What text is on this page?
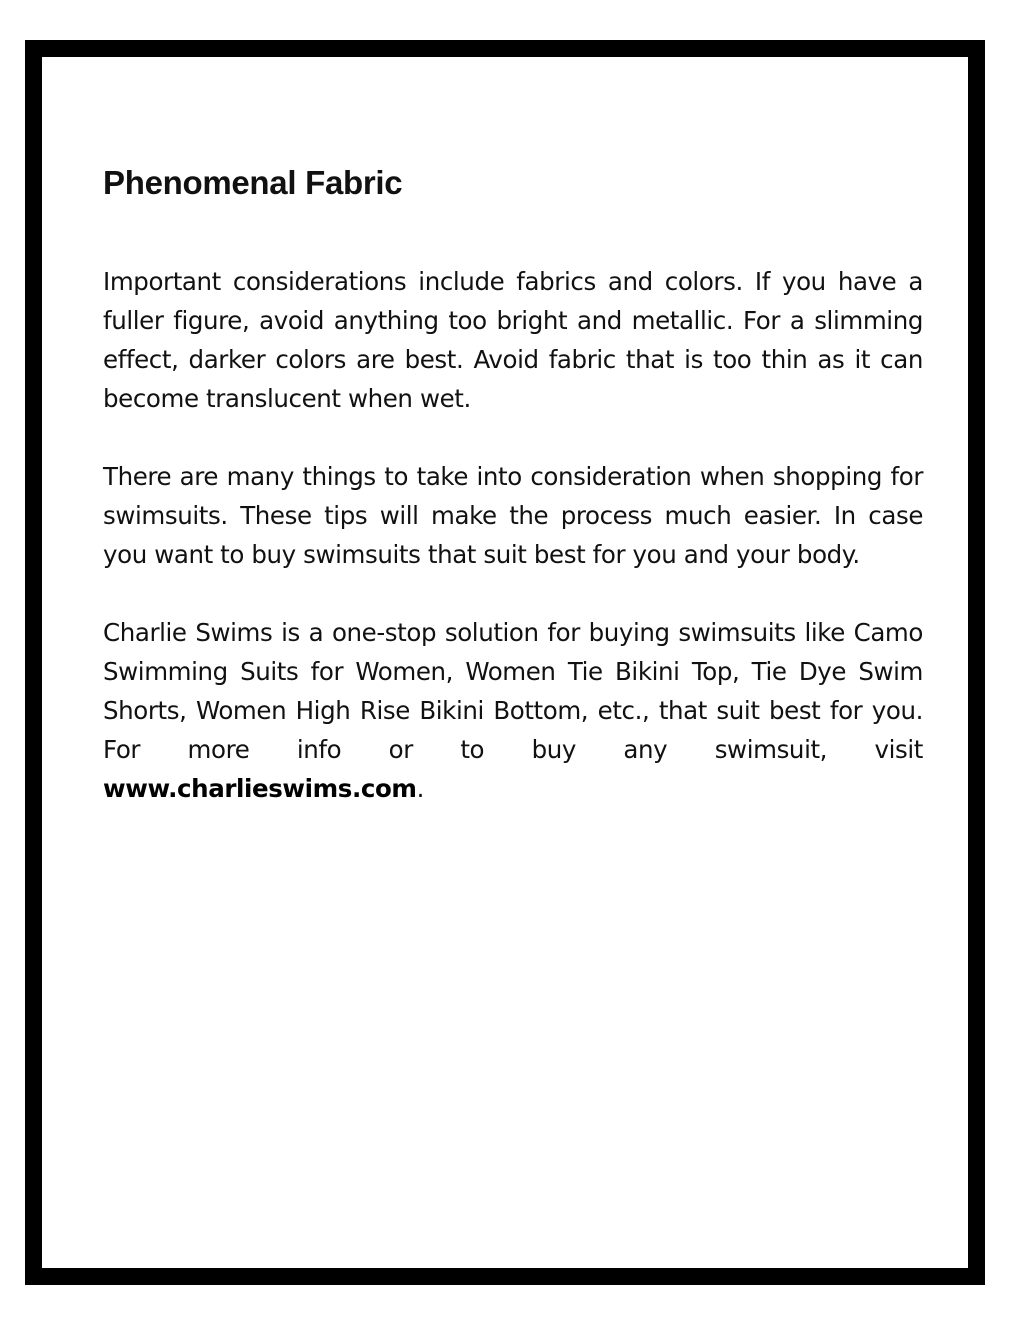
Phenomenal Fabric

Important considerations include fabrics and colors. If you have a fuller figure, avoid anything too bright and metallic. For a slimming effect, darker colors are best. Avoid fabric that is too thin as it can become translucent when wet.

There are many things to take into consideration when shopping for swimsuits. These tips will make the process much easier. In case you want to buy swimsuits that suit best for you and your body.

Charlie Swims is a one-stop solution for buying swimsuits like Camo Swimming Suits for Women, Women Tie Bikini Top, Tie Dye Swim Shorts, Women High Rise Bikini Bottom, etc., that suit best for you. For more info or to buy any swimsuit, visit www.charlieswims.com.
